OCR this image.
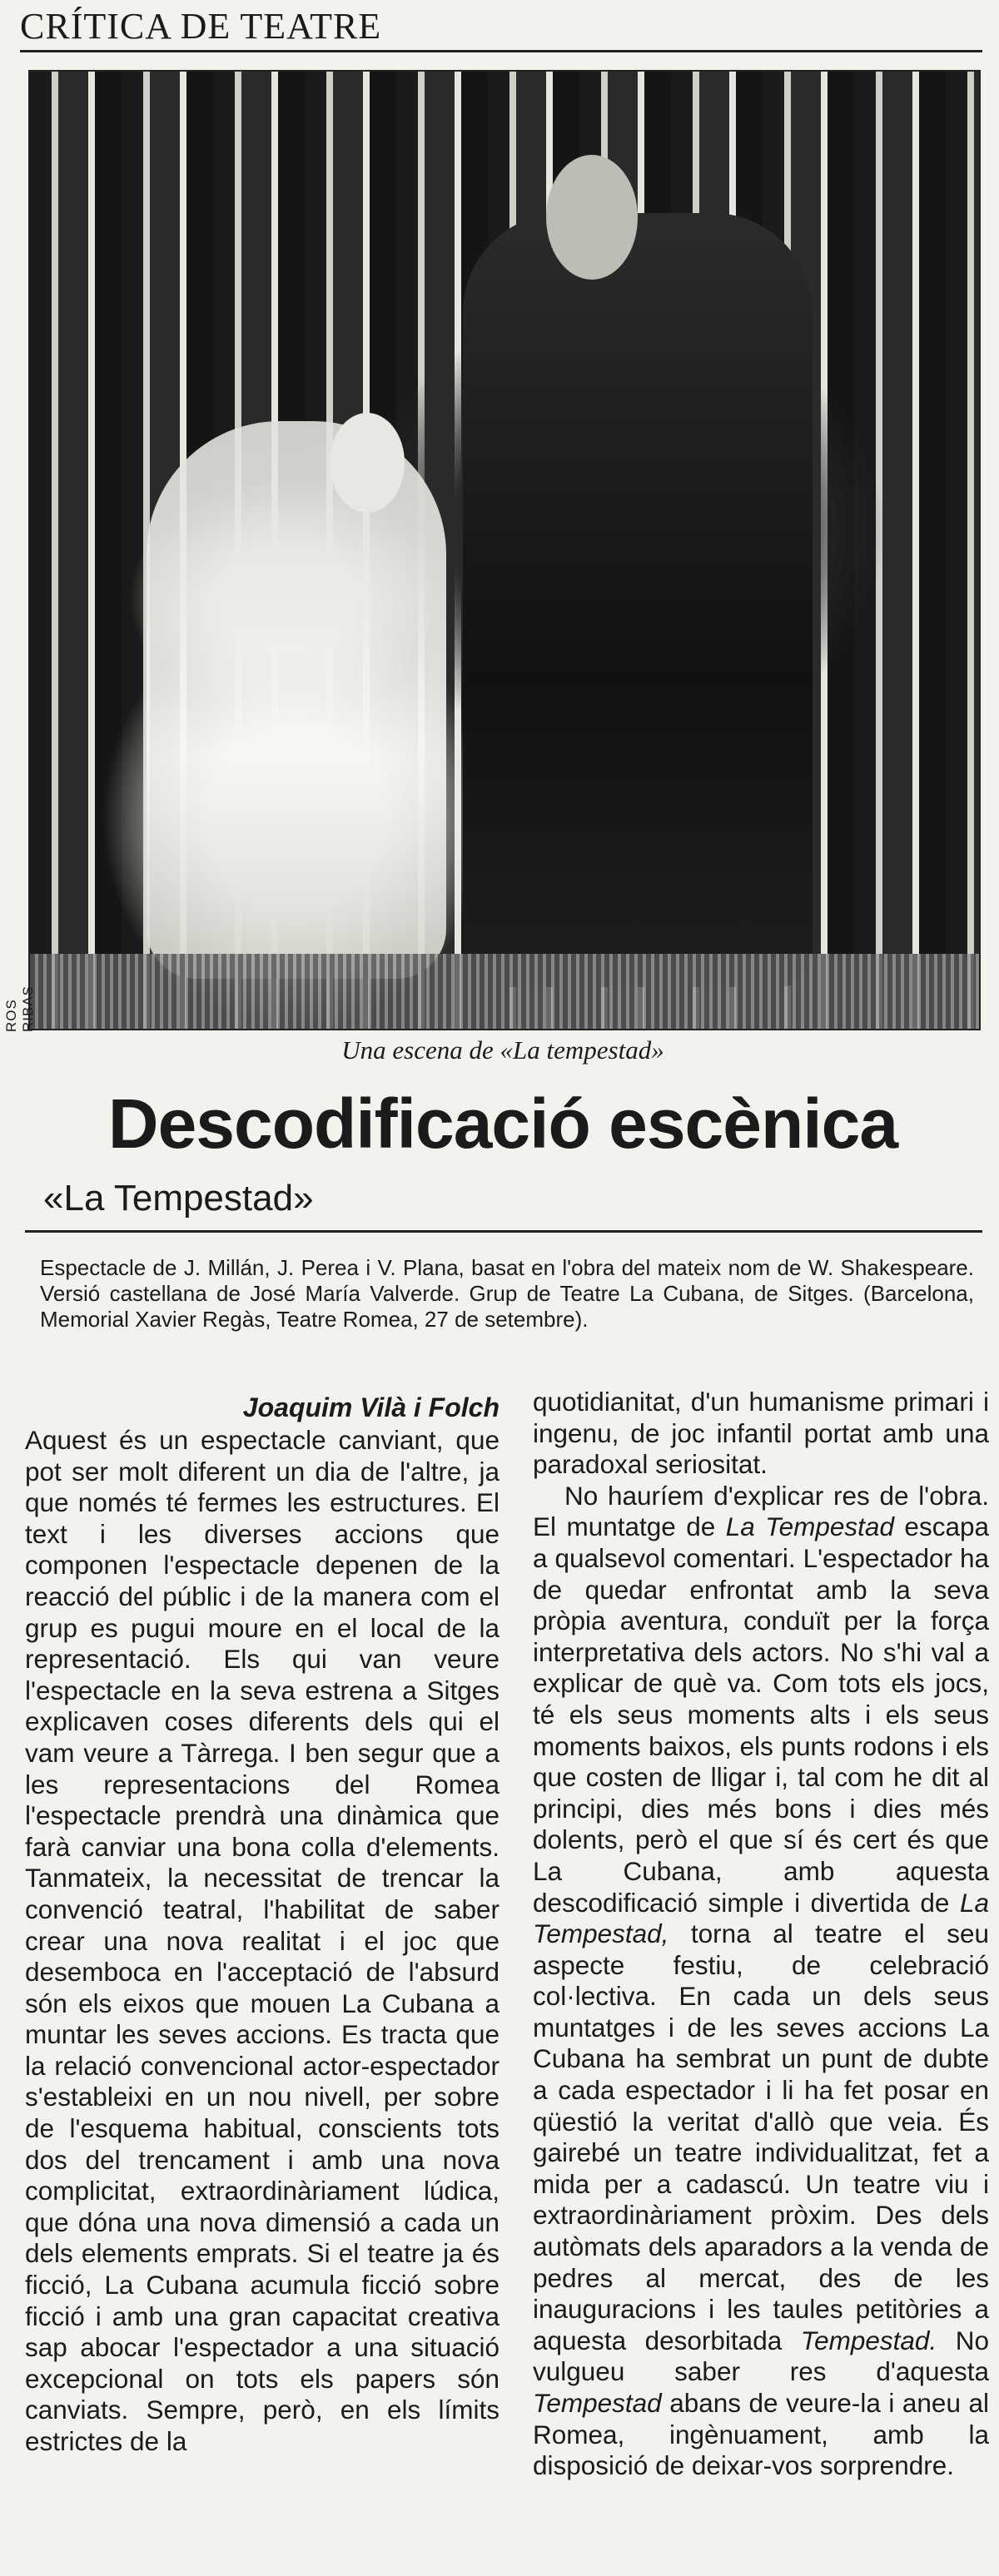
CRÍTICA DE TEATRE
ROS RIBAS
Una escena de «La tempestad»
Descodificació escènica
«La Tempestad»
Espectacle de J. Millán, J. Perea i V. Plana, basat en l'obra del mateix nom de W. Shakespeare. Versió castellana de José María Valverde. Grup de Teatre La Cubana, de Sitges. (Barcelona, Memorial Xavier Regàs, Teatre Romea, 27 de setembre).
Joaquim Vilà i Folch

Aquest és un espectacle canviant, que pot ser molt diferent un dia de l'altre, ja que només té fermes les estructures. El text i les diverses accions que componen l'espectacle depenen de la reacció del públic i de la manera com el grup es pugui moure en el local de la representació. Els qui van veure l'espectacle en la seva estrena a Sitges explicaven coses diferents dels qui el vam veure a Tàrrega. I ben segur que a les representacions del Romea l'espectacle prendrà una dinàmica que farà canviar una bona colla d'elements. Tanmateix, la necessitat de trencar la convenció teatral, l'habilitat de saber crear una nova realitat i el joc que desemboca en l'acceptació de l'absurd són els eixos que mouen La Cubana a muntar les seves accions. Es tracta que la relació convencional actor-espectador s'estableixi en un nou nivell, per sobre de l'esquema habitual, conscients tots dos del trencament i amb una nova complicitat, extraordinàriament lúdica, que dóna una nova dimensió a cada un dels elements emprats. Si el teatre ja és ficció, La Cubana acumula ficció sobre ficció i amb una gran capacitat creativa sap abocar l'espectador a una situació excepcional on tots els papers són canviats. Sempre, però, en els límits estrictes de la

quotidianitat, d'un humanisme primari i ingenu, de joc infantil portat amb una paradoxal seriositat.

No hauríem d'explicar res de l'obra. El muntatge de La Tempestad escapa a qualsevol comentari. L'espectador ha de quedar enfrontat amb la seva pròpia aventura, conduït per la força interpretativa dels actors. No s'hi val a explicar de què va. Com tots els jocs, té els seus moments alts i els seus moments baixos, els punts rodons i els que costen de lligar i, tal com he dit al principi, dies més bons i dies més dolents, però el que sí és cert és que La Cubana, amb aquesta descodificació simple i divertida de La Tempestad, torna al teatre el seu aspecte festiu, de celebració col·lectiva. En cada un dels seus muntatges i de les seves accions La Cubana ha sembrat un punt de dubte a cada espectador i li ha fet posar en qüestió la veritat d'allò que veia. És gairebé un teatre individualitzat, fet a mida per a cadascú. Un teatre viu i extraordinàriament pròxim. Des dels autòmats dels aparadors a la venda de pedres al mercat, des de les inauguracions i les taules petitòries a aquesta desorbitada Tempestad. No vulgueu saber res d'aquesta Tempestad abans de veure-la i aneu al Romea, ingènuament, amb la disposició de deixar-vos sorprendre.
